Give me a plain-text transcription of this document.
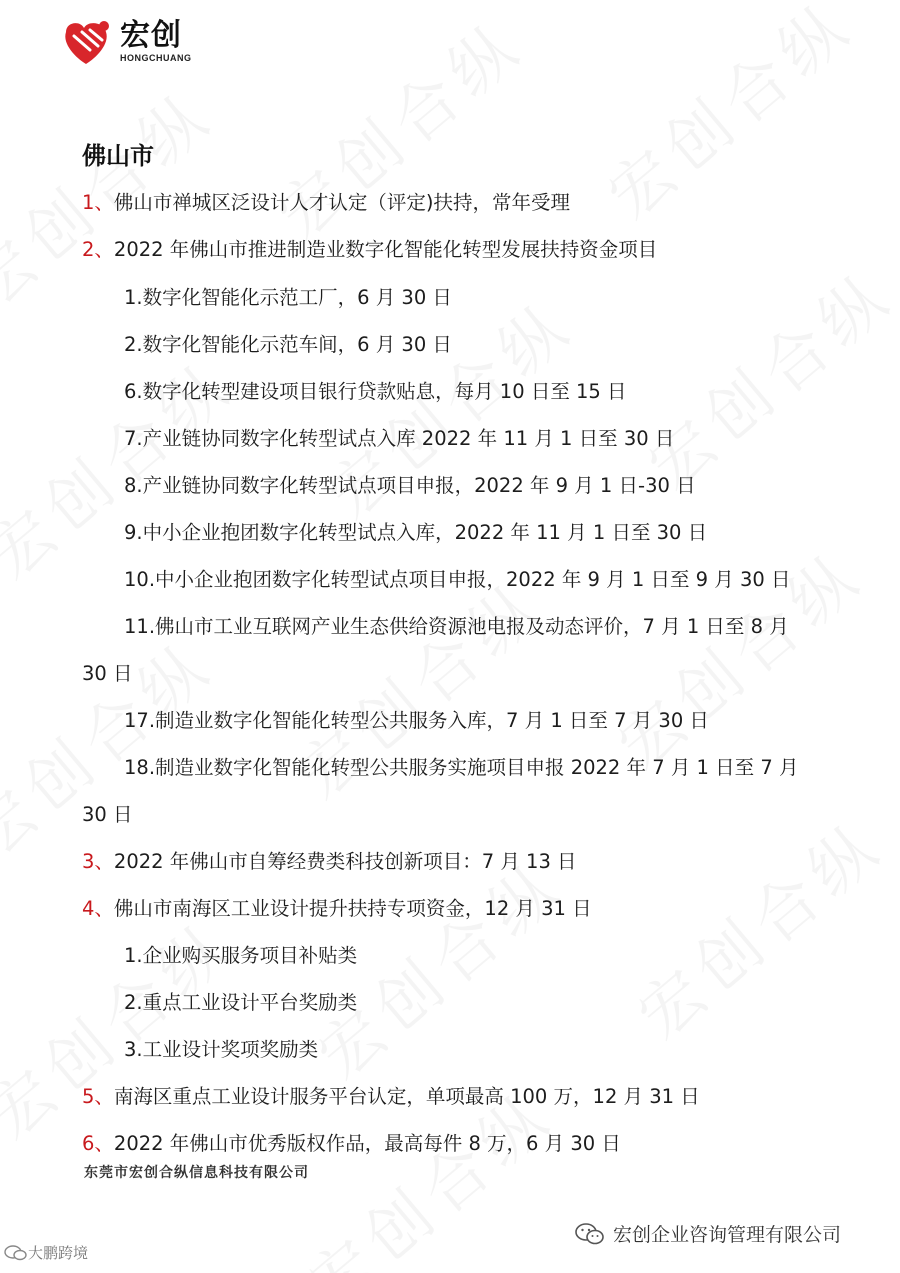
宏创
HONGCHUANG
佛山市
1、佛山市禅城区泛设计人才认定（评定)扶持，常年受理
2、2022 年佛山市推进制造业数字化智能化转型发展扶持资金项目
1.数字化智能化示范工厂，6 月 30 日
2.数字化智能化示范车间，6 月 30 日
6.数字化转型建设项目银行贷款贴息，每月 10 日至 15 日
7.产业链协同数字化转型试点入库 2022 年 11 月 1 日至 30 日
8.产业链协同数字化转型试点项目申报，2022 年 9 月 1 日-30 日
9.中小企业抱团数字化转型试点入库，2022 年 11 月 1 日至 30 日
10.中小企业抱团数字化转型试点项目申报，2022 年 9 月 1 日至 9 月 30 日
11.佛山市工业互联网产业生态供给资源池电报及动态评价，7 月 1 日至 8 月
30 日
17.制造业数字化智能化转型公共服务入库，7 月 1 日至 7 月 30 日
18.制造业数字化智能化转型公共服务实施项目申报 2022 年 7 月 1 日至 7 月
30 日
3、2022 年佛山市自筹经费类科技创新项目：7 月 13 日
4、佛山市南海区工业设计提升扶持专项资金，12 月 31 日
1.企业购买服务项目补贴类
2.重点工业设计平台奖励类
3.工业设计奖项奖励类
5、南海区重点工业设计服务平台认定，单项最高 100 万，12 月 31 日
6、2022 年佛山市优秀版权作品，最高每件 8 万，6 月 30 日
东莞市宏创合纵信息科技有限公司
宏创企业咨询管理有限公司
大鹏跨境
